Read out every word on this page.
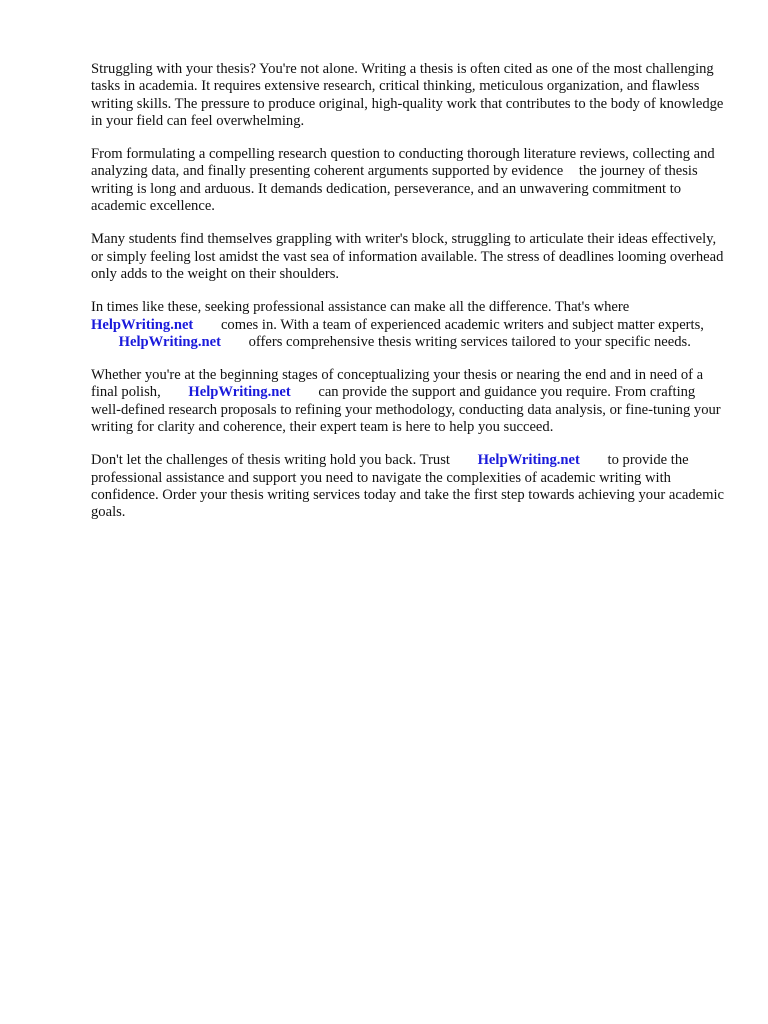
Struggling with your thesis? You're not alone. Writing a thesis is often cited as one of the most challenging tasks in academia. It requires extensive research, critical thinking, meticulous organization, and flawless writing skills. The pressure to produce original, high-quality work that contributes to the body of knowledge in your field can feel overwhelming.

From formulating a compelling research question to conducting thorough literature reviews, collecting and analyzing data, and finally presenting coherent arguments supported by evidence the journey of thesis writing is long and arduous. It demands dedication, perseverance, and an unwavering commitment to academic excellence.

Many students find themselves grappling with writer's block, struggling to articulate their ideas effectively, or simply feeling lost amidst the vast sea of information available. The stress of deadlines looming overhead only adds to the weight on their shoulders.

In times like these, seeking professional assistance can make all the difference. That's where HelpWriting.net comes in. With a team of experienced academic writers and subject matter experts, HelpWriting.net offers comprehensive thesis writing services tailored to your specific needs.

Whether you're at the beginning stages of conceptualizing your thesis or nearing the end and in need of a final polish, HelpWriting.net can provide the support and guidance you require. From crafting well-defined research proposals to refining your methodology, conducting data analysis, or fine-tuning your writing for clarity and coherence, their expert team is here to help you succeed.

Don't let the challenges of thesis writing hold you back. Trust HelpWriting.net to provide the professional assistance and support you need to navigate the complexities of academic writing with confidence. Order your thesis writing services today and take the first step towards achieving your academic goals.
